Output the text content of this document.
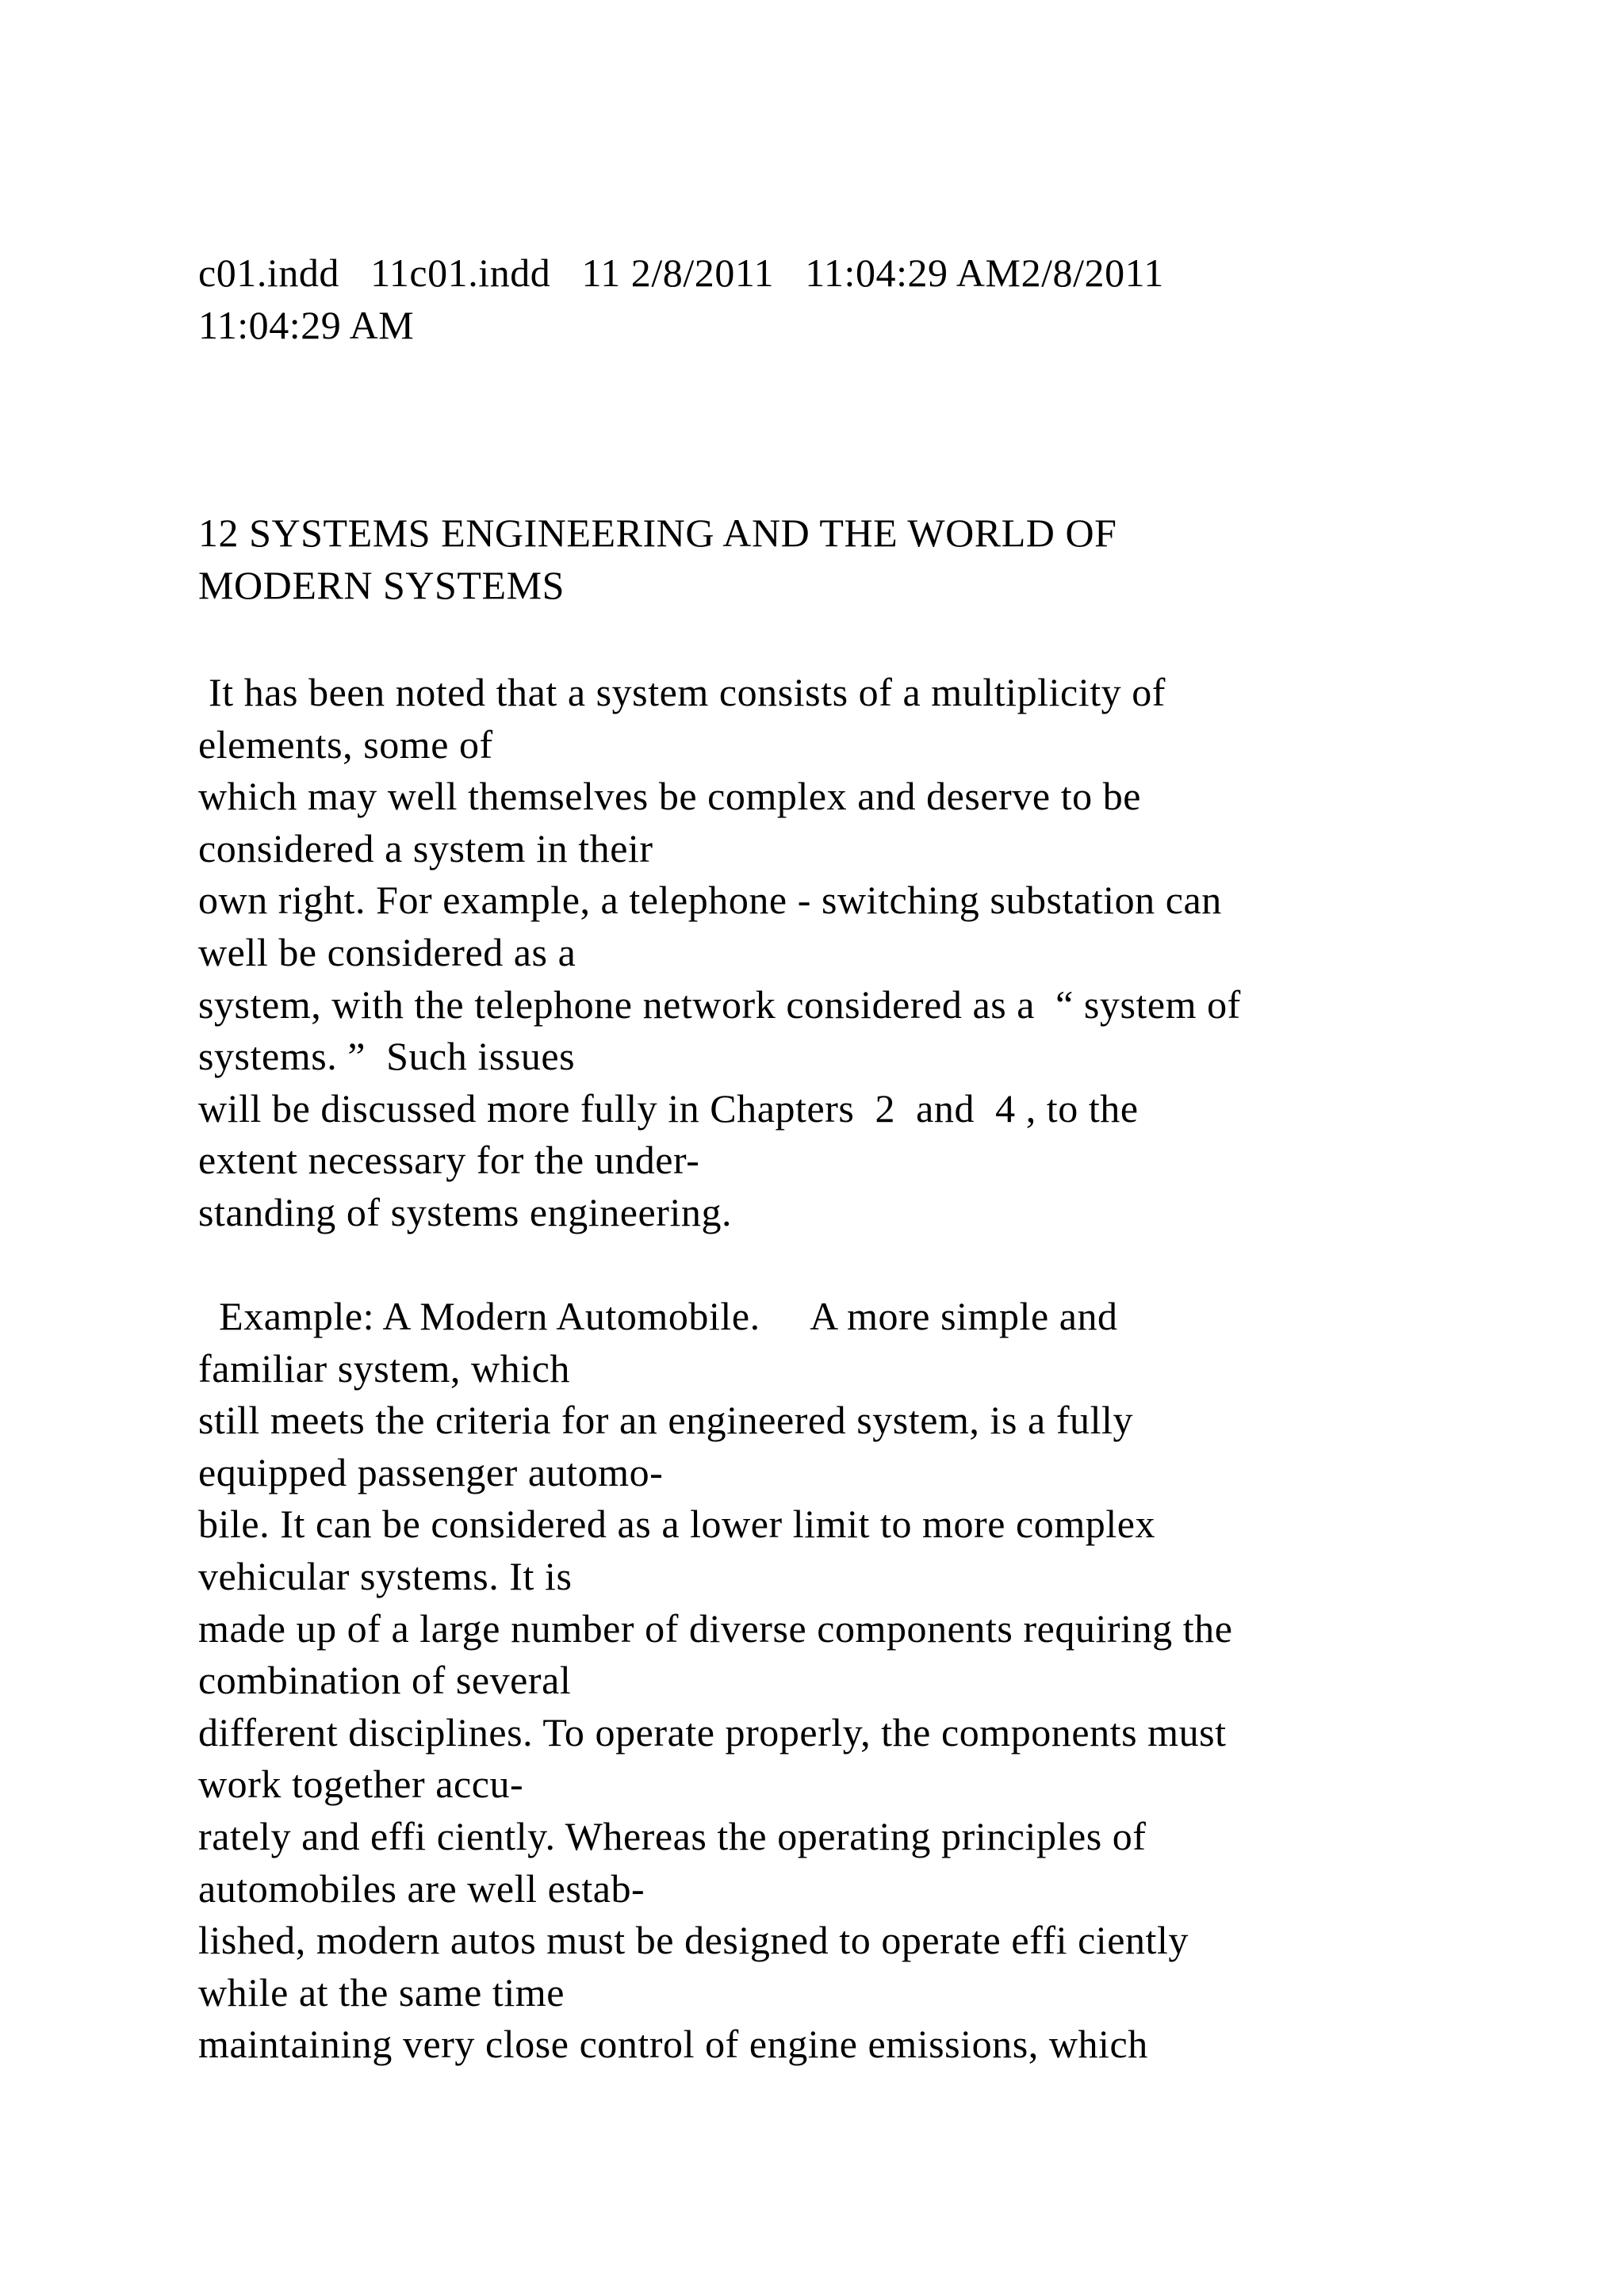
c01.indd   11c01.indd   11 2/8/2011   11:04:29 AM2/8/2011
11:04:29 AM
12 SYSTEMS ENGINEERING AND THE WORLD OF
MODERN SYSTEMS
It has been noted that a system consists of a multiplicity of
elements, some of
which may well themselves be complex and deserve to be
considered a system in their
own right. For example, a telephone - switching substation can
well be considered as a
system, with the telephone network considered as a  “ system of
systems. ”  Such issues
will be discussed more fully in Chapters  2  and  4 , to the
extent necessary for the under-
standing of systems engineering.
Example: A Modern Automobile.     A more simple and
familiar system, which
still meets the criteria for an engineered system, is a fully
equipped passenger automo-
bile. It can be considered as a lower limit to more complex
vehicular systems. It is
made up of a large number of diverse components requiring the
combination of several
different disciplines. To operate properly, the components must
work together accu-
rately and effi ciently. Whereas the operating principles of
automobiles are well estab-
lished, modern autos must be designed to operate effi ciently
while at the same time
maintaining very close control of engine emissions, which
